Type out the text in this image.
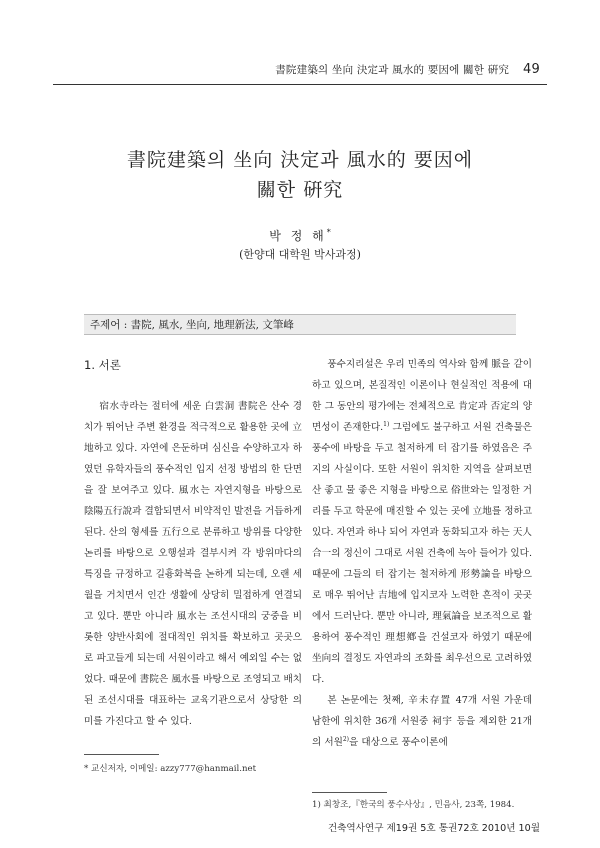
書院建築의 坐向 決定과 風水的 要因에 關한 硏究 49
書院建築의 坐向 決定과 風水的 要因에
關한 硏究
박 정 해*
(한양대 대학원 박사과정)
주제어 : 書院, 風水, 坐向, 地理新法, 文筆峰
1. 서론

宿水寺라는 절터에 세운 白雲洞 書院은 산수 경치가 뛰어난 주변 환경을 적극적으로 활용한 곳에 立地하고 있다. 자연에 은둔하며 심신을 수양하고자 하였던 유학자들의 풍수적인 입지 선정 방법의 한 단면을 잘 보여주고 있다. 風水는 자연지형을 바탕으로 陰陽五行說과 결합되면서 비약적인 발전을 거듭하게 된다. 산의 형세를 五行으로 분류하고 방위를 다양한 논리를 바탕으로 오행설과 결부시켜 각 방위마다의 특징을 규정하고 길흉화복을 논하게 되는데, 오랜 세월을 거치면서 인간 생활에 상당히 밀접하게 연결되고 있다. 뿐만 아니라 風水는 조선시대의 궁중을 비롯한 양반사회에 절대적인 위치를 확보하고 곳곳으로 파고들게 되는데 서원이라고 해서 예외일 수는 없었다. 때문에 書院은 風水를 바탕으로 조영되고 배치된 조선시대를 대표하는 교육기관으로서 상당한 의미를 가진다고 할 수 있다.

풍수지리설은 우리 민족의 역사와 함께 脈을 같이 하고 있으며, 본질적인 이론이나 현실적인 적용에 대한 그 동안의 평가에는 전체적으로 肯定과 否定의 양면성이 존재한다.$^{1)}$ 그럼에도 불구하고 서원 건축물은 풍수에 바탕을 두고 철저하게 터 잡기를 하였음은 주지의 사실이다. 또한 서원이 위치한 지역을 살펴보면 산 좋고 물 좋은 지형을 바탕으로 俗世와는 일정한 거리를 두고 학문에 매진할 수 있는 곳에 立地를 정하고 있다. 자연과 하나 되어 자연과 동화되고자 하는 天人合一의 정신이 그대로 서원 건축에 녹아 들어가 있다. 때문에 그들의 터 잡기는 철저하게 形勢論을 바탕으로 매우 뛰어난 吉地에 입지코자 노력한 흔적이 곳곳에서 드러난다. 뿐만 아니라, 理氣論을 보조적으로 활용하여 풍수적인 理想鄕을 건설코자 하였기 때문에 坐向의 결정도 자연과의 조화를 최우선으로 고려하였다.

본 논문에는 첫째, 辛未存置 47개 서원 가운데 남한에 위치한 36개 서원중 祠宇 등을 제외한 21개의 서원$^{2)}$을 대상으로 풍수이론에

* 교신저자, 이메일: azzy777@hanmail.net
1) 최창조,『한국의 풍수사상』, 민음사, 23쪽, 1984.
건축역사연구 제19권 5호 통권72호 2010년 10월
